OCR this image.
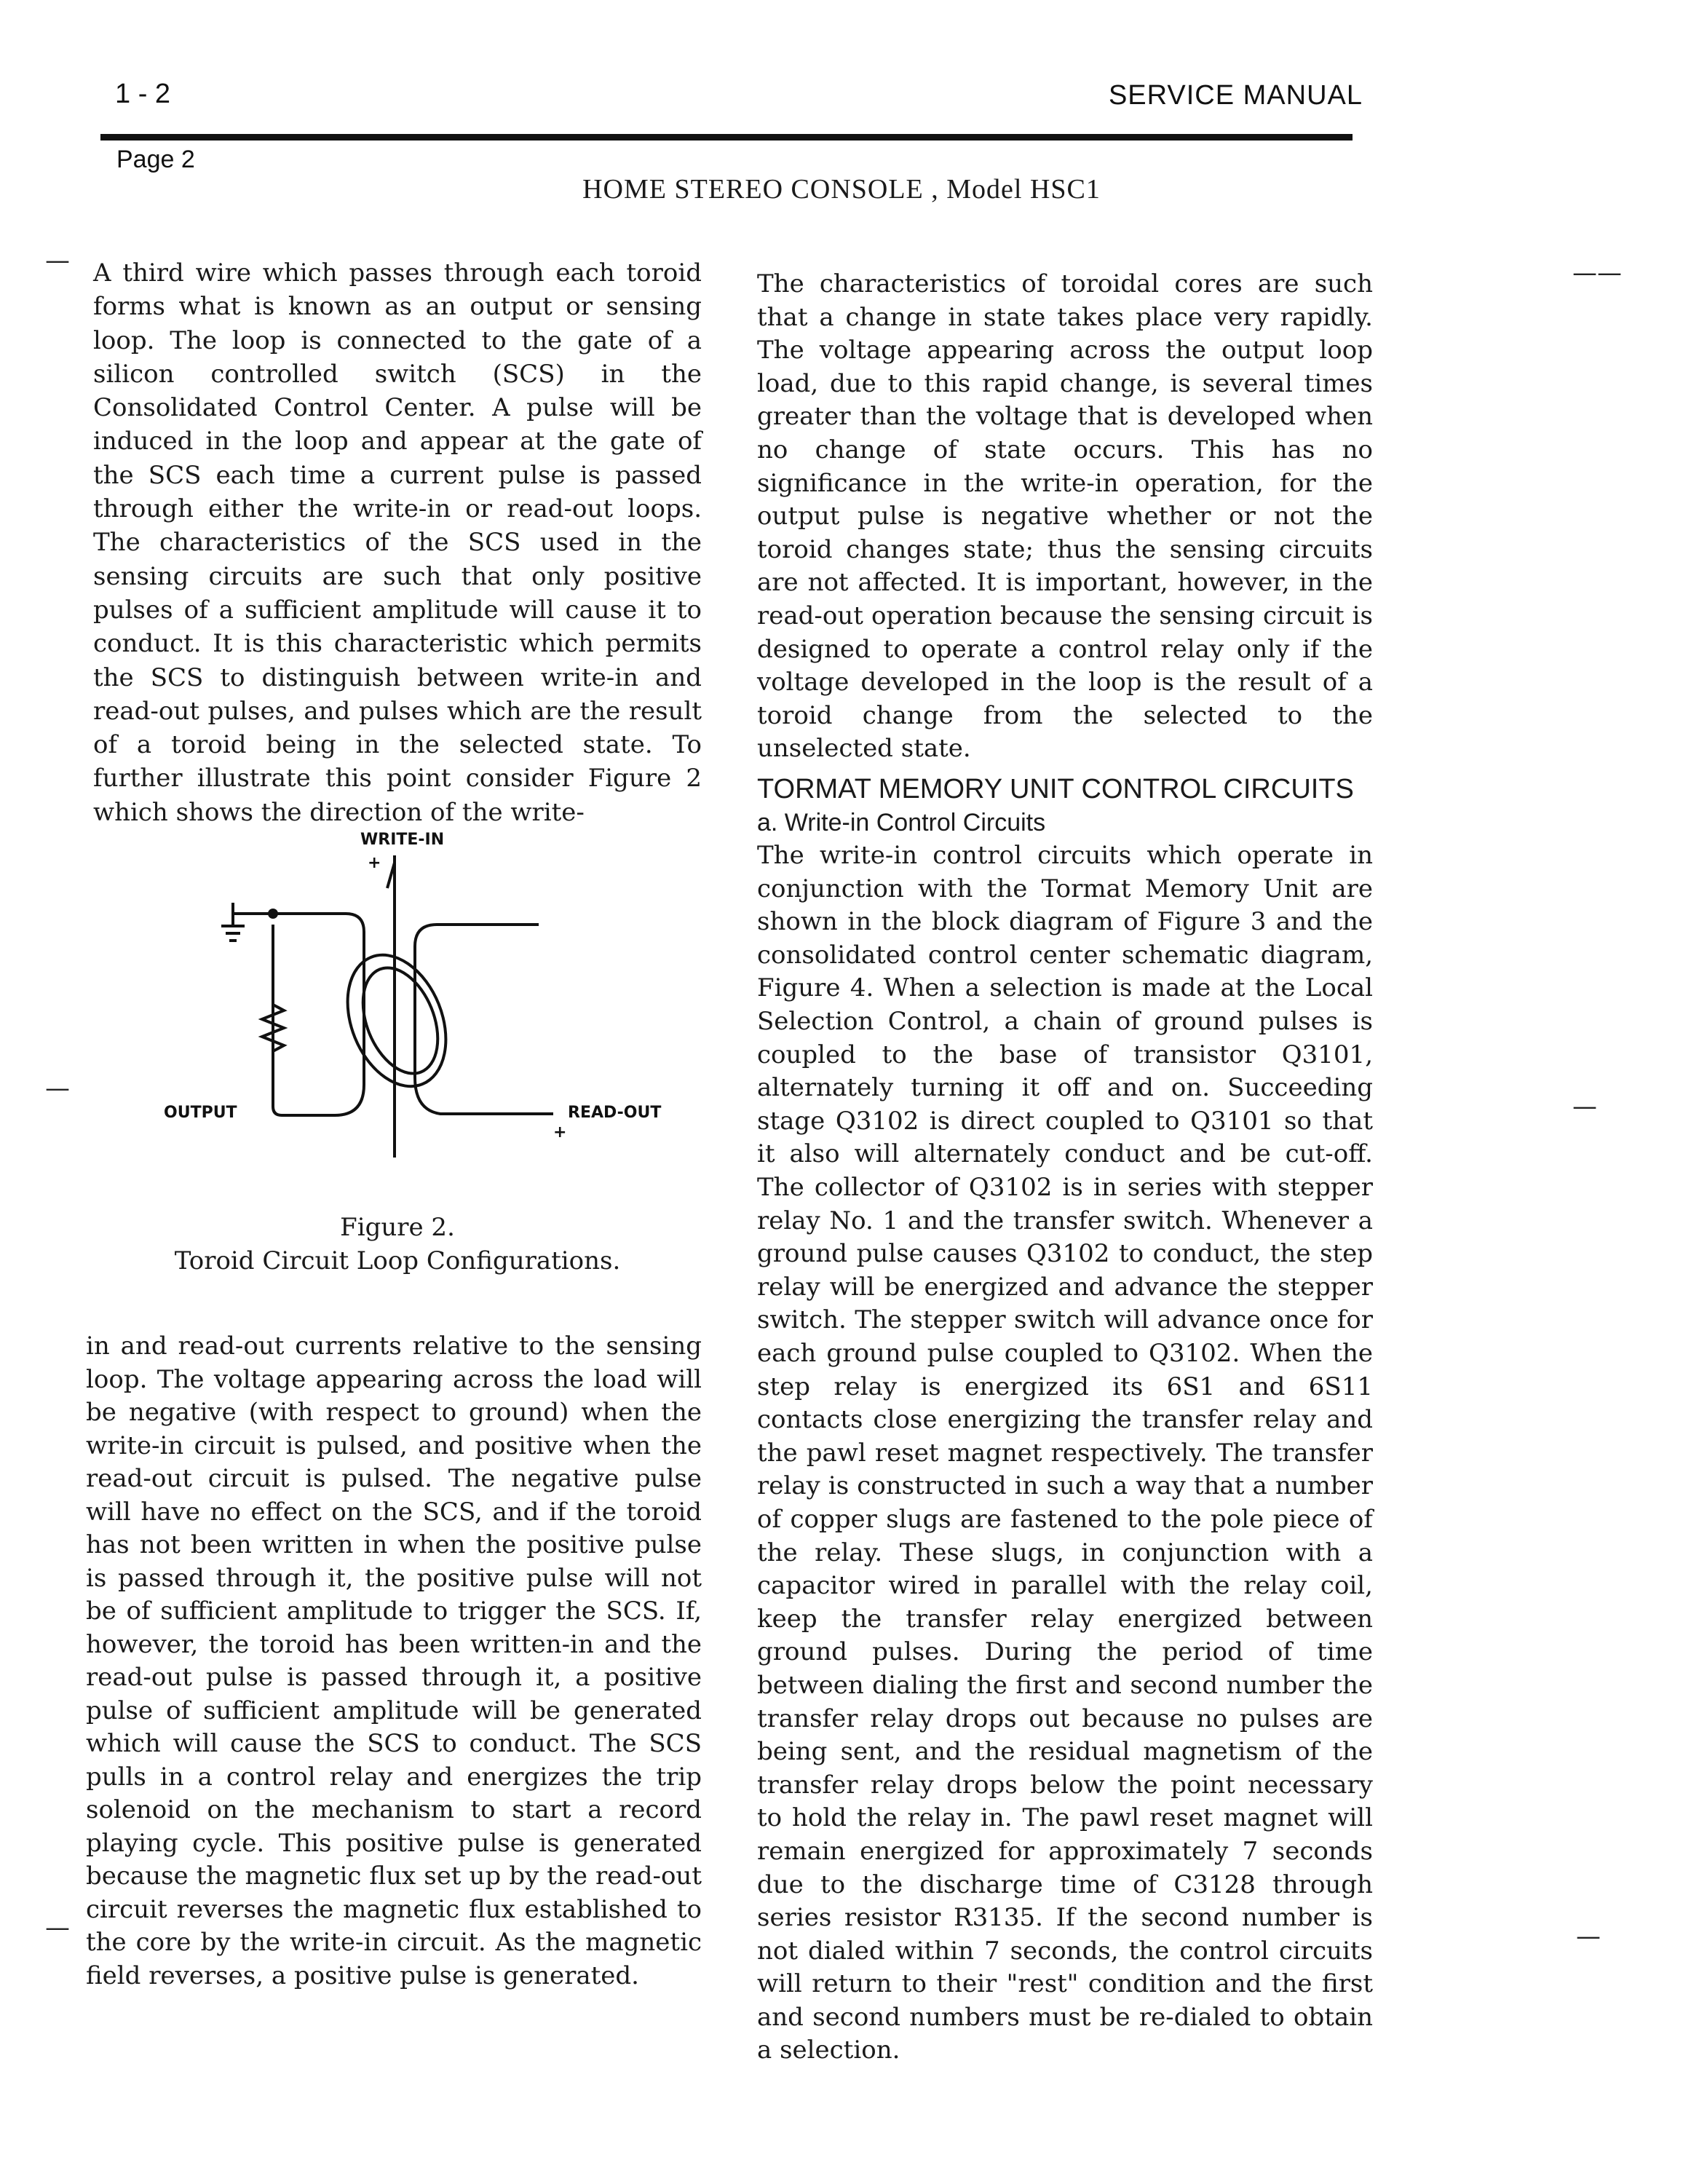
1 - 2	SERVICE MANUAL
Page 2
HOME STEREO CONSOLE , Model HSC1

A third wire which passes through each toroid forms what is known as an output or sensing loop. The loop is connected to the gate of a silicon controlled switch (SCS) in the Consolidated Control Center. A pulse will be induced in the loop and appear at the gate of the SCS each time a current pulse is passed through either the write-in or read-out loops. The characteristics of the SCS used in the sensing circuits are such that only positive pulses of a sufficient amplitude will cause it to conduct. It is this characteristic which permits the SCS to distinguish between write-in and read-out pulses, and pulses which are the result of a toroid being in the selected state. To further illustrate this point consider Figure 2 which shows the direction of the write-

WRITE-IN
+
OUTPUT	READ-OUT
+
Figure 2.
Toroid Circuit Loop Configurations.

in and read-out currents relative to the sensing loop. The voltage appearing across the load will be negative (with respect to ground) when the write-in circuit is pulsed, and positive when the read-out circuit is pulsed. The negative pulse will have no effect on the SCS, and if the toroid has not been written in when the positive pulse is passed through it, the positive pulse will not be of sufficient amplitude to trigger the SCS. If, however, the toroid has been written-in and the read-out pulse is passed through it, a positive pulse of sufficient amplitude will be generated which will cause the SCS to conduct. The SCS pulls in a control relay and energizes the trip solenoid on the mechanism to start a record playing cycle. This positive pulse is generated because the magnetic flux set up by the read-out circuit reverses the magnetic flux established to the core by the write-in circuit. As the magnetic field reverses, a positive pulse is generated.

The characteristics of toroidal cores are such that a change in state takes place very rapidly. The voltage appearing across the output loop load, due to this rapid change, is several times greater than the voltage that is developed when no change of state occurs. This has no significance in the write-in operation, for the output pulse is negative whether or not the toroid changes state; thus the sensing circuits are not affected. It is important, however, in the read-out operation because the sensing circuit is designed to operate a control relay only if the voltage developed in the loop is the result of a toroid change from the selected to the unselected state.

TORMAT MEMORY UNIT CONTROL CIRCUITS

a. Write-in Control Circuits

The write-in control circuits which operate in conjunction with the Tormat Memory Unit are shown in the block diagram of Figure 3 and the consolidated control center schematic diagram, Figure 4. When a selection is made at the Local Selection Control, a chain of ground pulses is coupled to the base of transistor Q3101, alternately turning it off and on. Succeeding stage Q3102 is direct coupled to Q3101 so that it also will alternately conduct and be cut-off. The collector of Q3102 is in series with stepper relay No. 1 and the transfer switch. Whenever a ground pulse causes Q3102 to conduct, the step relay will be energized and advance the stepper switch. The stepper switch will advance once for each ground pulse coupled to Q3102. When the step relay is energized its 6S1 and 6S11 contacts close energizing the transfer relay and the pawl reset magnet respectively. The transfer relay is constructed in such a way that a number of copper slugs are fastened to the pole piece of the relay. These slugs, in conjunction with a capacitor wired in parallel with the relay coil, keep the transfer relay energized between ground pulses. During the period of time between dialing the first and second number the transfer relay drops out because no pulses are being sent, and the residual magnetism of the transfer relay drops below the point necessary to hold the relay in. The pawl reset magnet will remain energized for approximately 7 seconds due to the discharge time of C3128 through series resistor R3135. If the second number is not dialed within 7 seconds, the control circuits will return to their "rest" condition and the first and second numbers must be re-dialed to obtain a selection.

—
—
—
——
—
—
